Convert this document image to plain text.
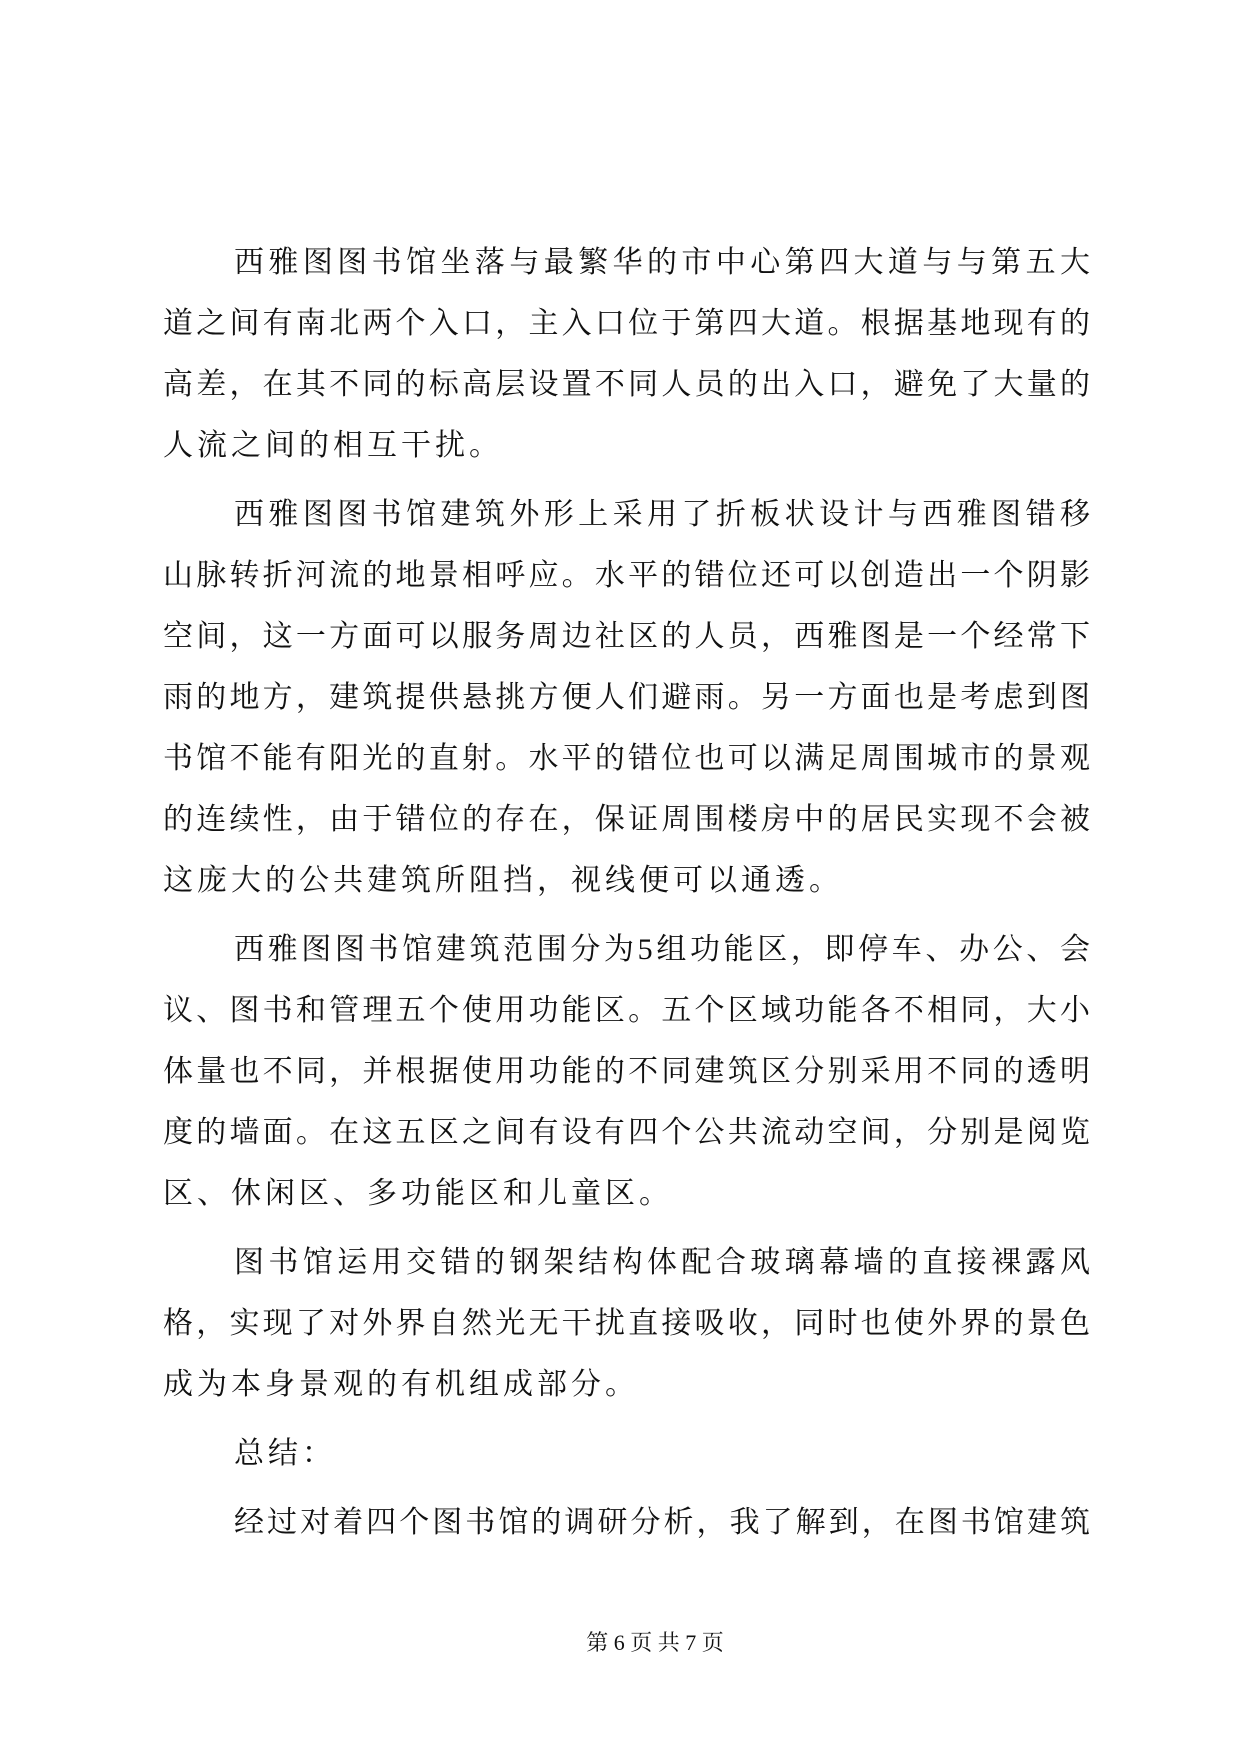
西雅图图书馆坐落与最繁华的市中心第四大道与与第五大
道之间有南北两个入口，主入口位于第四大道。根据基地现有的
高差，在其不同的标高层设置不同人员的出入口，避免了大量的
人流之间的相互干扰。
西雅图图书馆建筑外形上采用了折板状设计与西雅图错移
山脉转折河流的地景相呼应。水平的错位还可以创造出一个阴影
空间，这一方面可以服务周边社区的人员，西雅图是一个经常下
雨的地方，建筑提供悬挑方便人们避雨。另一方面也是考虑到图
书馆不能有阳光的直射。水平的错位也可以满足周围城市的景观
的连续性，由于错位的存在，保证周围楼房中的居民实现不会被
这庞大的公共建筑所阻挡，视线便可以通透。
西雅图图书馆建筑范围分为5组功能区，即停车、办公、会
议、图书和管理五个使用功能区。五个区域功能各不相同，大小
体量也不同，并根据使用功能的不同建筑区分别采用不同的透明
度的墙面。在这五区之间有设有四个公共流动空间，分别是阅览
区、休闲区、多功能区和儿童区。
图书馆运用交错的钢架结构体配合玻璃幕墙的直接裸露风
格，实现了对外界自然光无干扰直接吸收，同时也使外界的景色
成为本身景观的有机组成部分。
总结：
经过对着四个图书馆的调研分析，我了解到，在图书馆建筑
第 6 页 共 7 页
